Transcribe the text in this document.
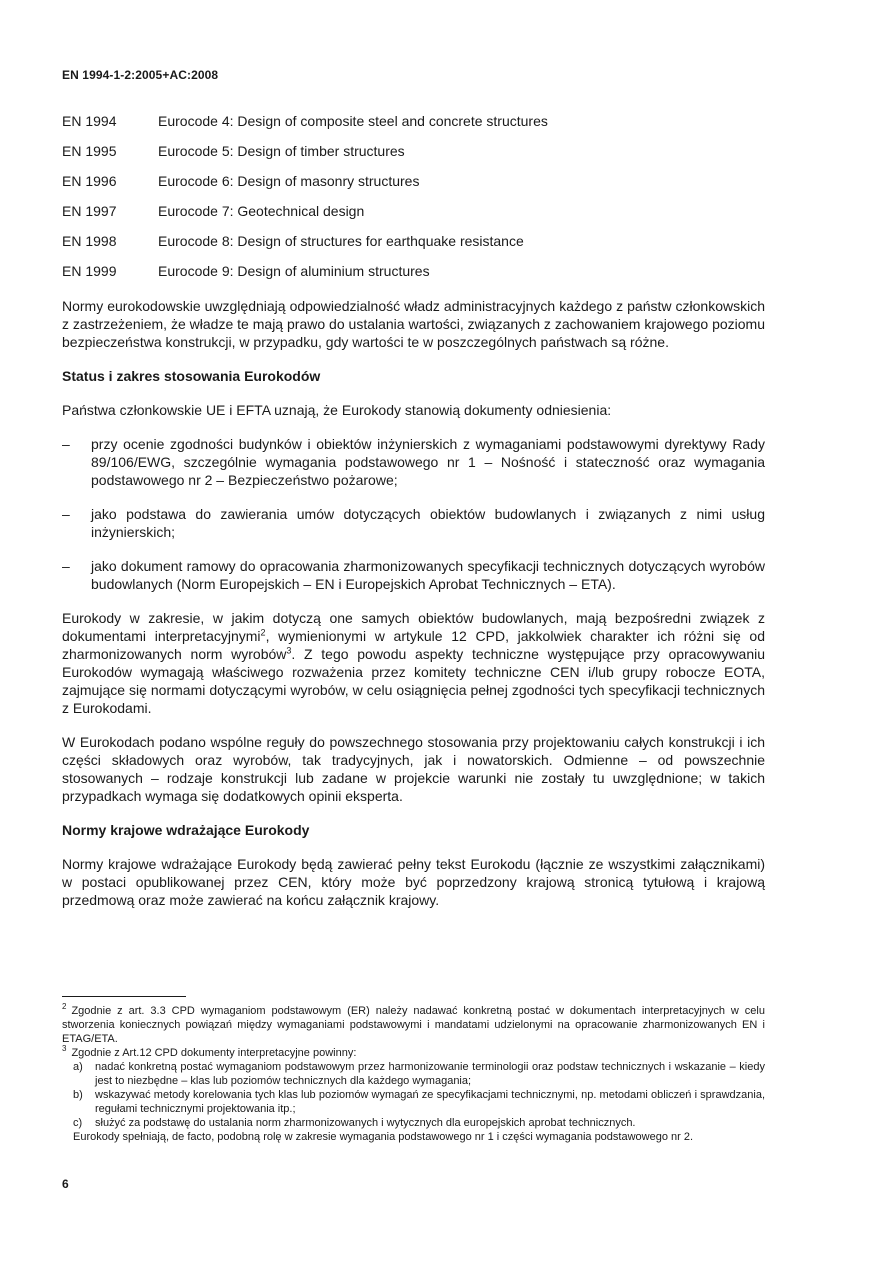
EN 1994-1-2:2005+AC:2008
EN 1994	Eurocode 4: Design of composite steel and concrete structures
EN 1995	Eurocode 5: Design of timber structures
EN 1996	Eurocode 6: Design of masonry structures
EN 1997	Eurocode 7: Geotechnical design
EN 1998	Eurocode 8: Design of structures for earthquake resistance
EN 1999	Eurocode 9: Design of aluminium structures

Normy eurokodowskie uwzględniają odpowiedzialność władz administracyjnych każdego z państw członkowskich z zastrzeżeniem, że władze te mają prawo do ustalania wartości, związanych z zachowaniem krajowego poziomu bezpieczeństwa konstrukcji, w przypadku, gdy wartości te w poszczególnych państwach są różne.

Status i zakres stosowania Eurokodów

Państwa członkowskie UE i EFTA uznają, że Eurokody stanowią dokumenty odniesienia:

–	przy ocenie zgodności budynków i obiektów inżynierskich z wymaganiami podstawowymi dyrektywy Rady 89/106/EWG, szczególnie wymagania podstawowego nr 1 – Nośność i stateczność oraz wymagania podstawowego nr 2 – Bezpieczeństwo pożarowe;
–	jako podstawa do zawierania umów dotyczących obiektów budowlanych i związanych z nimi usług inżynierskich;
–	jako dokument ramowy do opracowania zharmonizowanych specyfikacji technicznych dotyczących wyrobów budowlanych (Norm Europejskich – EN i Europejskich Aprobat Technicznych – ETA).

Eurokody w zakresie, w jakim dotyczą one samych obiektów budowlanych, mają bezpośredni związek z dokumentami interpretacyjnymi$^2$, wymienionymi w artykule 12 CPD, jakkolwiek charakter ich różni się od zharmonizowanych norm wyrobów$^3$. Z tego powodu aspekty techniczne występujące przy opracowywaniu Eurokodów wymagają właściwego rozważenia przez komitety techniczne CEN i/lub grupy robocze EOTA, zajmujące się normami dotyczącymi wyrobów, w celu osiągnięcia pełnej zgodności tych specyfikacji technicznych z Eurokodami.

W Eurokodach podano wspólne reguły do powszechnego stosowania przy projektowaniu całych konstrukcji i ich części składowych oraz wyrobów, tak tradycyjnych, jak i nowatorskich. Odmienne – od powszechnie stosowanych – rodzaje konstrukcji lub zadane w projekcie warunki nie zostały tu uwzględnione; w takich przypadkach wymaga się dodatkowych opinii eksperta.

Normy krajowe wdrażające Eurokody

Normy krajowe wdrażające Eurokody będą zawierać pełny tekst Eurokodu (łącznie ze wszystkimi załącznikami) w postaci opublikowanej przez CEN, który może być poprzedzony krajową stronicą tytułową i krajową przedmową oraz może zawierać na końcu załącznik krajowy.

$^2$ Zgodnie z art. 3.3 CPD wymaganiom podstawowym (ER) należy nadawać konkretną postać w dokumentach interpretacyjnych w celu stworzenia koniecznych powiązań między wymaganiami podstawowymi i mandatami udzielonymi na opracowanie zharmonizowanych EN i ETAG/ETA.
$^3$ Zgodnie z Art.12 CPD dokumenty interpretacyjne powinny:
a)	nadać konkretną postać wymaganiom podstawowym przez harmonizowanie terminologii oraz podstaw technicznych i wskazanie – kiedy jest to niezbędne – klas lub poziomów technicznych dla każdego wymagania;
b)	wskazywać metody korelowania tych klas lub poziomów wymagań ze specyfikacjami technicznymi, np. metodami obliczeń i sprawdzania, regułami technicznymi projektowania itp.;
c)	służyć za podstawę do ustalania norm zharmonizowanych i wytycznych dla europejskich aprobat technicznych.
Eurokody spełniają, de facto, podobną rolę w zakresie wymagania podstawowego nr 1 i części wymagania podstawowego nr 2.
6
